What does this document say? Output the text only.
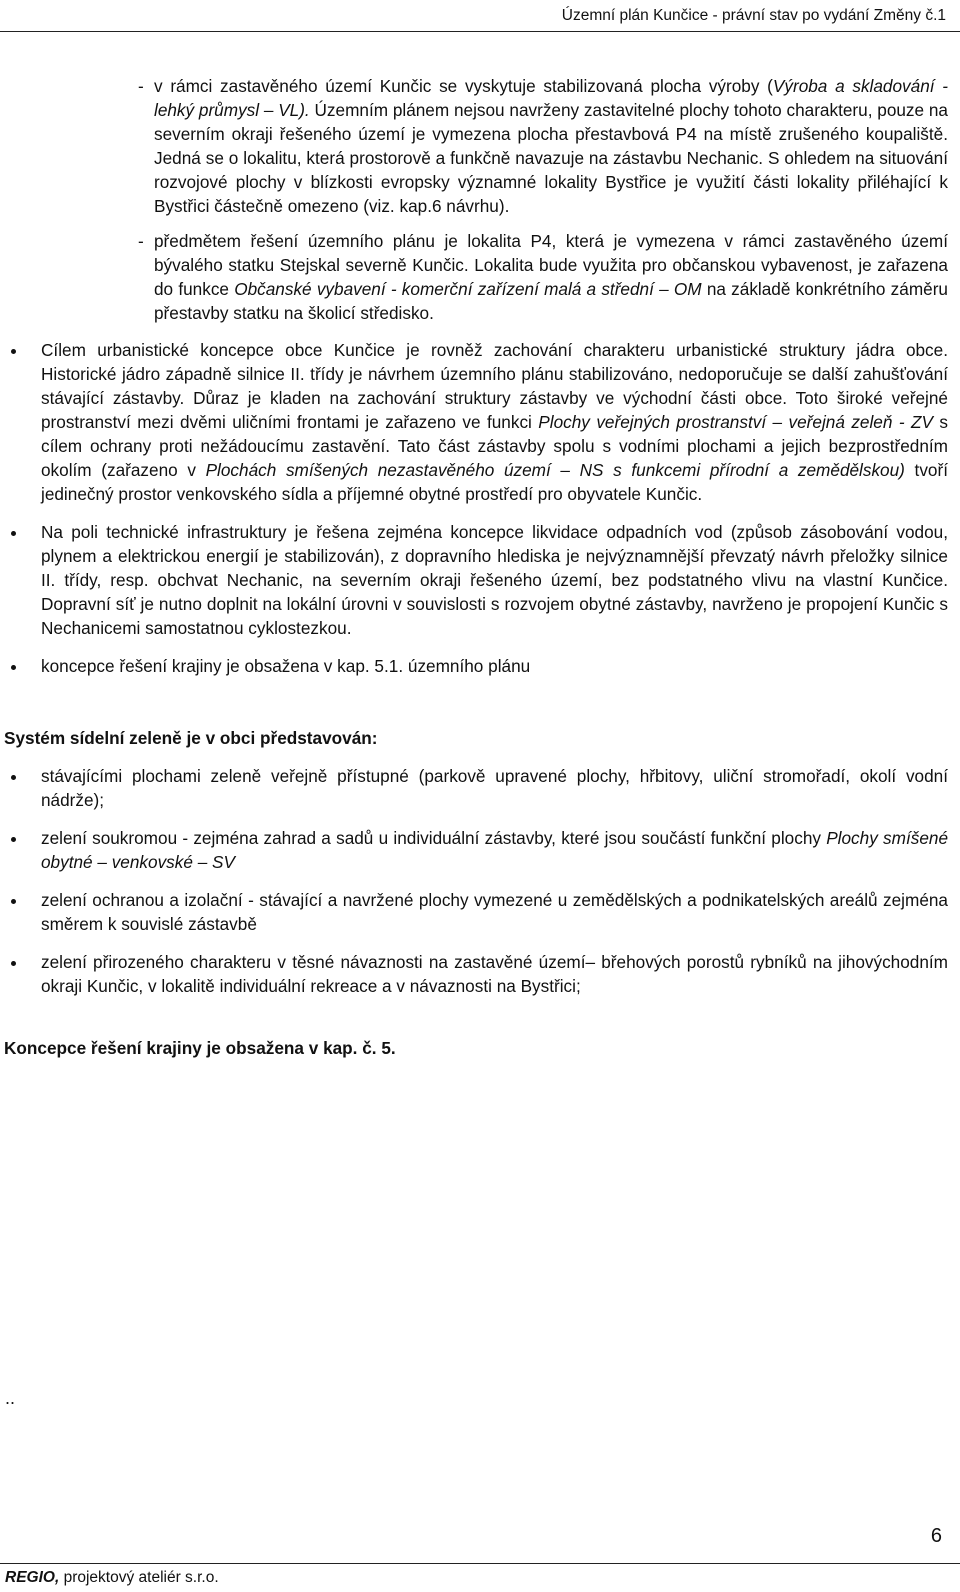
Územní plán Kunčice - právní stav po vydání Změny č.1
- v rámci zastavěného území Kunčic se vyskytuje stabilizovaná plocha výroby (Výroba a skladování - lehký průmysl – VL). Územním plánem nejsou navrženy zastavitelné plochy tohoto charakteru, pouze na severním okraji řešeného území je vymezena plocha přestavbová P4 na místě zrušeného koupaliště. Jedná se o lokalitu, která prostorově a funkčně navazuje na zástavbu Nechanic. S ohledem na situování rozvojové plochy v blízkosti evropsky významné lokality Bystřice je využití části lokality přiléhající k Bystřici částečně omezeno (viz. kap.6 návrhu).
- předmětem řešení územního plánu je lokalita P4, která je vymezena v rámci zastavěného území bývalého statku Stejskal severně Kunčic. Lokalita bude využita pro občanskou vybavenost, je zařazena do funkce Občanské vybavení - komerční zařízení malá a střední – OM na základě konkrétního záměru přestavby statku na školicí středisko.
Cílem urbanistické koncepce obce Kunčice je rovněž zachování charakteru urbanistické struktury jádra obce. Historické jádro západně silnice II. třídy je návrhem územního plánu stabilizováno, nedoporučuje se další zahušťování stávající zástavby. Důraz je kladen na zachování struktury zástavby ve východní části obce. Toto široké veřejné prostranství mezi dvěmi uličními frontami je zařazeno ve funkci Plochy veřejných prostranství – veřejná zeleň - ZV s cílem ochrany proti nežádoucímu zastavění. Tato část zástavby spolu s vodními plochami a jejich bezprostředním okolím (zařazeno v Plochách smíšených nezastavěného území – NS s funkcemi přírodní a zemědělskou) tvoří jedinečný prostor venkovského sídla a příjemné obytné prostředí pro obyvatele Kunčic.
Na poli technické infrastruktury je řešena zejména koncepce likvidace odpadních vod (způsob zásobování vodou, plynem a elektrickou energií je stabilizován), z dopravního hlediska je nejvýznamnější převzatý návrh přeložky silnice II. třídy, resp. obchvat Nechanic, na severním okraji řešeného území, bez podstatného vlivu na vlastní Kunčice. Dopravní síť je nutno doplnit na lokální úrovni v souvislosti s rozvojem obytné zástavby, navrženo je propojení Kunčic s Nechanicemi samostatnou cyklostezkou.
koncepce řešení krajiny je obsažena v kap. 5.1. územního plánu
Systém sídelní zeleně je v obci představován:
stávajícími plochami zeleně veřejně přístupné (parkově upravené plochy, hřbitovy, uliční stromořadí, okolí vodní nádrže);
zelení soukromou - zejména zahrad a sadů u individuální zástavby, které jsou součástí funkční plochy Plochy smíšené obytné – venkovské – SV
zelení ochranou a izolační - stávající a navržené plochy vymezené u zemědělských a podnikatelských areálů zejména směrem k souvislé zástavbě
zelení přirozeného charakteru v těsné návaznosti na zastavěné území– břehových porostů rybníků na jihovýchodním okraji Kunčic, v lokalitě individuální rekreace a v návaznosti na Bystřici;
Koncepce řešení krajiny je obsažena v kap. č. 5.
..
6
REGIO, projektový ateliér s.r.o.
